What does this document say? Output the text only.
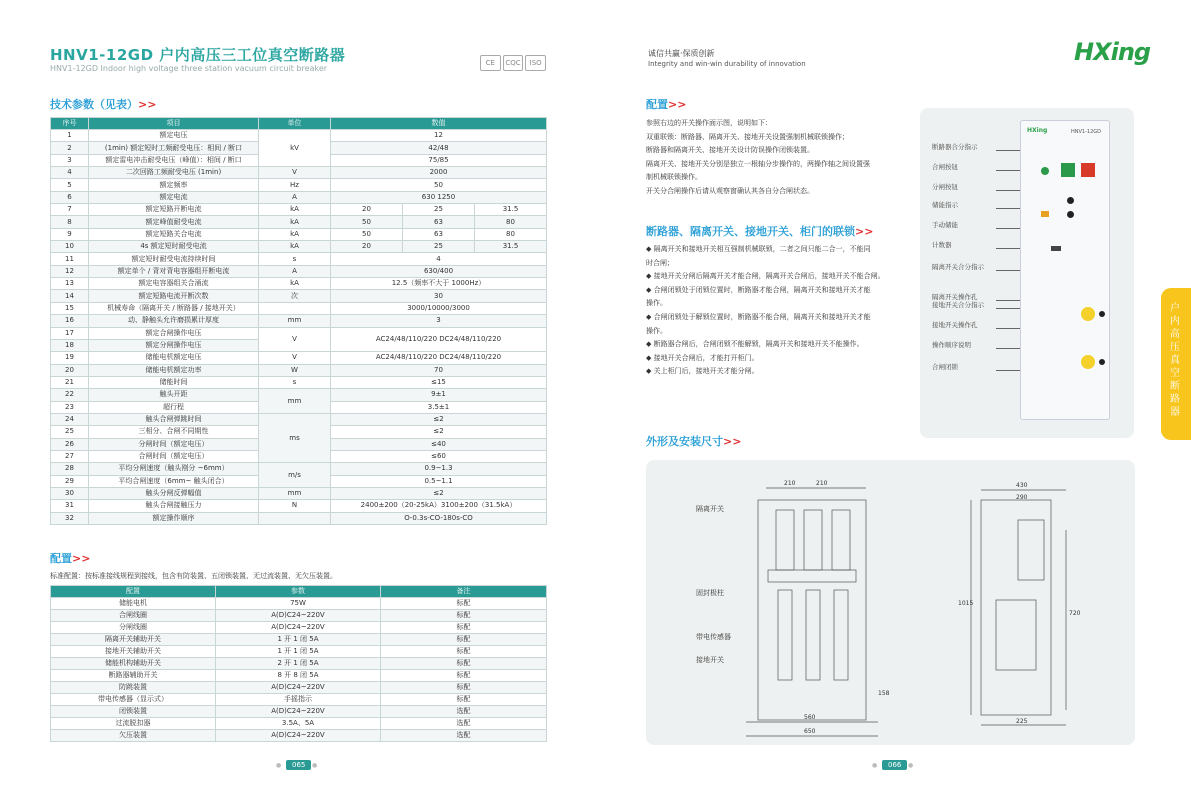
HNV1-12GD 户内高压三工位真空断路器
HNV1-12GD Indoor high voltage three station vacuum circuit breaker
CE	CQC	ISO
技术参数（见表）>>
序号	项目	单位	数值		
1	额定电压	kV	12		
2	(1min) 额定短时工频耐受电压：相间 / 断口		42/48		
3	额定雷电冲击耐受电压（峰值）：相间 / 断口		75/85		
4	二次回路工频耐受电压 (1min)	V	2000		
5	额定频率	Hz	50		
6	额定电流	A	630 1250		
7	额定短路开断电流	kA	20	25	31.5
8	额定峰值耐受电流	kA	50	63	80
9	额定短路关合电流	kA	50	63	80
10	4s 额定短时耐受电流	kA	20	25	31.5
11	额定短时耐受电流持续时间	s	4		
12	额定单个 / 背对背电容器组开断电流	A	630/400		
13	额定电容器组关合涌流	kA	12.5（频率不大于 1000Hz）		
14	额定短路电流开断次数	次	30		
15	机械寿命（隔离开关 / 断路器 / 接地开关）		3000/10000/3000		
16	动、静触头允许磨损累计厚度	mm	3		
17	额定合闸操作电压	V	AC24/48/110/220 DC24/48/110/220		
18	额定分闸操作电压				
19	储能电机额定电压	V	AC24/48/110/220 DC24/48/110/220		
20	储能电机额定功率	W	70		
21	储能时间	s	≤15		
22	触头开距	mm	9±1		
23	超行程		3.5±1		
24	触头合闸弹跳时间	ms	≤2		
25	三相分、合闸不同期性		≤2		
26	分闸时间（额定电压）		≤40		
27	合闸时间（额定电压）		≤60		
28	平均分闸速度（触头刚分 ~6mm）	m/s	0.9~1.3		
29	平均合闸速度（6mm~ 触头闭合）		0.5~1.1		
30	触头分闸反弹幅值	mm	≤2		
31	触头合闸接触压力	N	2400±200（20-25kA）3100±200（31.5kA）		
32	额定操作顺序		O-0.3s-CO-180s-CO		
配置>>
标准配置：按标准接线规程到接线，包含有防装置、五闭锁装置、无过流装置、无欠压装置。
配置	参数	备注
储能电机	75W	标配
合闸线圈	A(D)C24~220V	标配
分闸线圈	A(D)C24~220V	标配
隔离开关辅助开关	1 开 1 闭 5A	标配
接地开关辅助开关	1 开 1 闭 5A	标配
储能机构辅助开关	2 开 1 闭 5A	标配
断路器辅助开关	8 开 8 闭 5A	标配
防跳装置	A(D)C24~220V	标配
带电传感器（显示式）	手摇指示	标配
闭锁装置	A(D)C24~220V	选配
过流脱扣器	3.5A、5A	选配
欠压装置	A(D)C24~220V	选配
●	065	●
诚信共赢·保质创新
Integrity and win-win durability of innovation	HXing
配置>>
参照右边的开关操作面示图，说明如下：
双重联锁：断路器、隔离开关、接地开关设置强制机械联锁操作；
断路器和隔离开关、接地开关设计防误操作闭锁装置。
隔离开关、接地开关分别是独立一根轴分步操作的，两操作轴之间设置强
制机械联锁操作。
开关分合闸操作后请从观察窗确认其各自分合闸状态。
断路器、隔离开关、接地开关、柜门的联锁>>
◆ 隔离开关和接地开关相互强制机械联锁，二者之间只能二合一，不能同
时合闸；
◆ 接地开关分闸后隔离开关才能合闸，隔离开关合闸后，接地开关不能合闸。
◆ 合闸闭锁处于闭锁位置时，断路器才能合闸，隔离开关和接地开关才能
操作。
◆ 合闸闭锁处于解锁位置时，断路器不能合闸，隔离开关和接地开关才能
操作。
◆ 断路器合闸后，合闸闭锁不能解锁，隔离开关和接地开关不能操作。
◆ 接地开关合闸后，才能打开柜门。
◆ 关上柜门后，接地开关才能分闸。
断路器合分指示
合闸按钮
分闸按钮
储能指示
手动储能
计数器
隔离开关合分指示
隔离开关操作孔
接地开关合分指示
接地开关操作孔
操作顺序说明
合闸闭锁
HXing	HNV1-12GD
外形及安装尺寸>>
隔离开关
固封极柱
带电传感器
接地开关
210	210
650
560
1015
720
430
290
225
158
户内高压真空断路器
●	066	●
